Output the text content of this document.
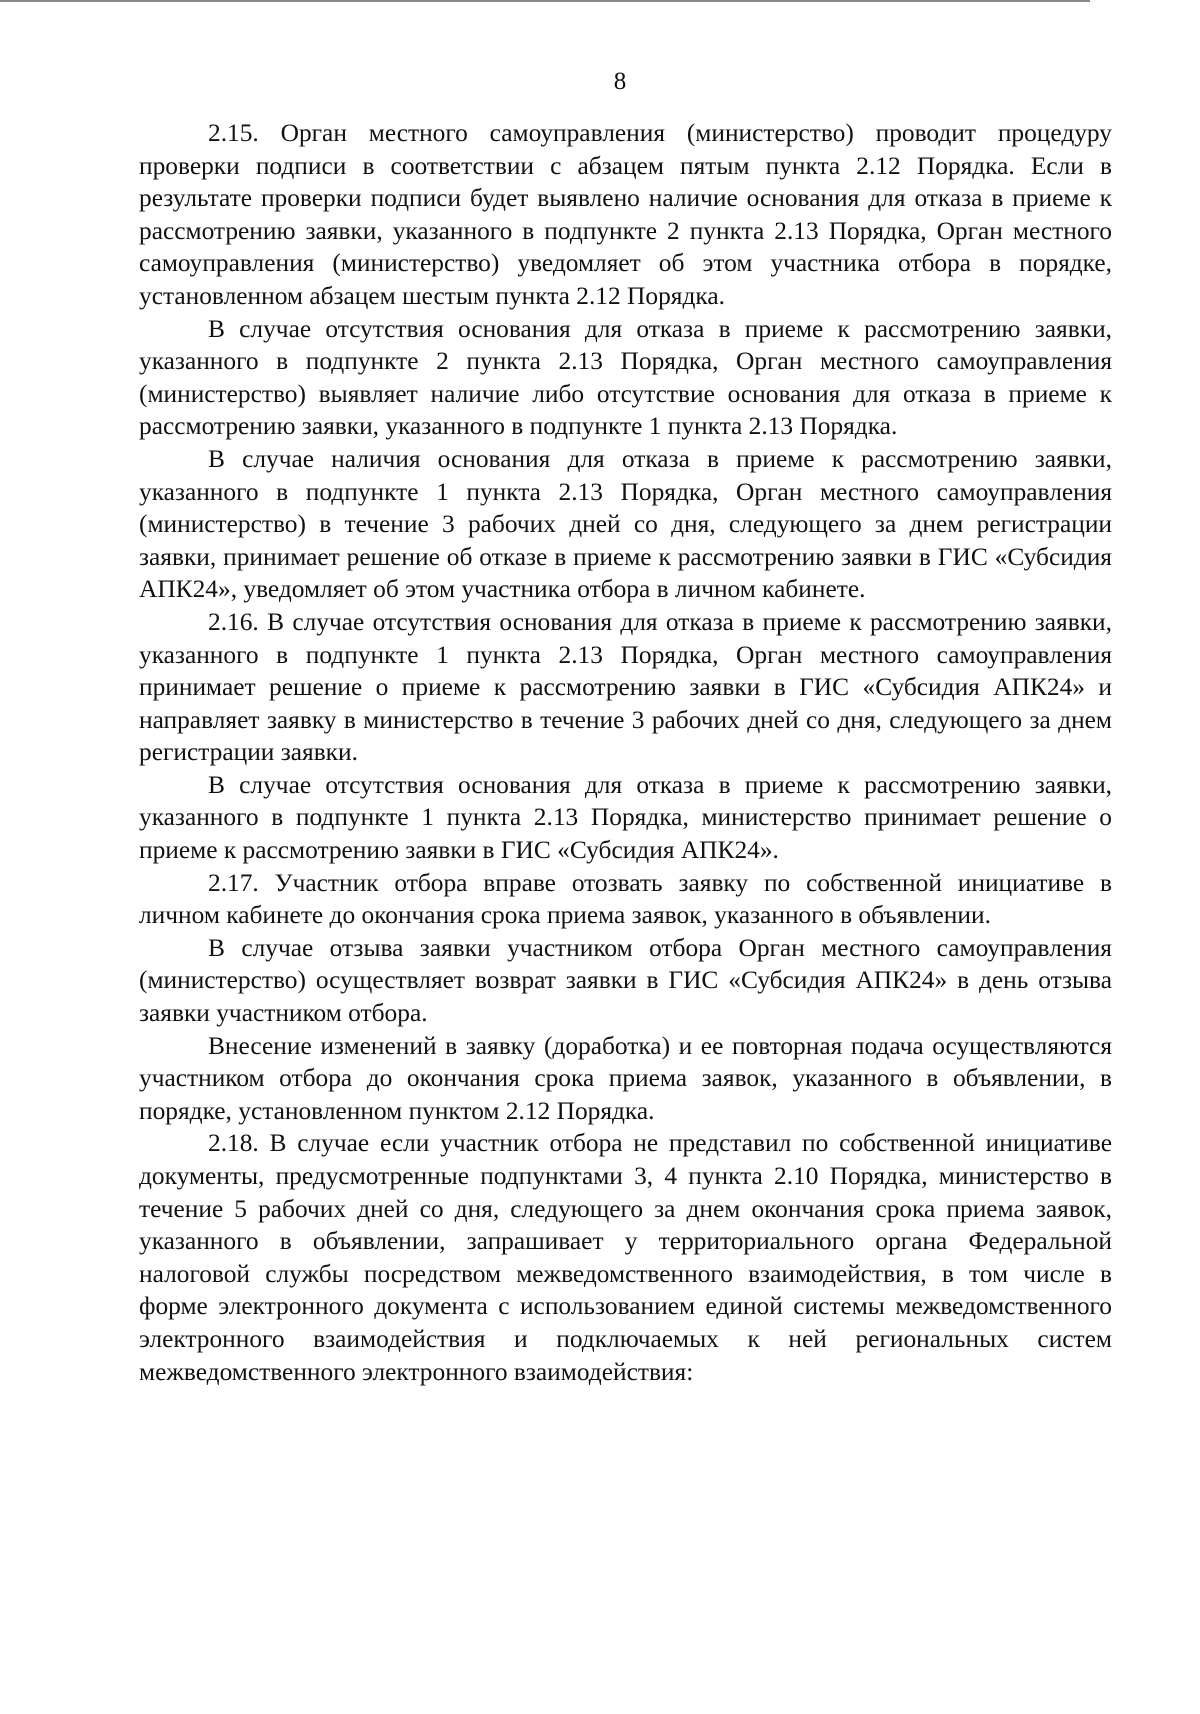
8

2.15. Орган местного самоуправления (министерство) проводит процедуру проверки подписи в соответствии с абзацем пятым пункта 2.12 Порядка. Если в результате проверки подписи будет выявлено наличие основания для отказа в приеме к рассмотрению заявки, указанного в подпункте 2 пункта 2.13 Порядка, Орган местного самоуправления (министерство) уведомляет об этом участника отбора в порядке, установленном абзацем шестым пункта 2.12 Порядка.

В случае отсутствия основания для отказа в приеме к рассмотрению заявки, указанного в подпункте 2 пункта 2.13 Порядка, Орган местного самоуправления (министерство) выявляет наличие либо отсутствие основания для отказа в приеме к рассмотрению заявки, указанного в подпункте 1 пункта 2.13 Порядка.

В случае наличия основания для отказа в приеме к рассмотрению заявки, указанного в подпункте 1 пункта 2.13 Порядка, Орган местного самоуправления (министерство) в течение 3 рабочих дней со дня, следующего за днем регистрации заявки, принимает решение об отказе в приеме к рассмотрению заявки в ГИС «Субсидия АПК24», уведомляет об этом участника отбора в личном кабинете.

2.16. В случае отсутствия основания для отказа в приеме к рассмотрению заявки, указанного в подпункте 1 пункта 2.13 Порядка, Орган местного самоуправления принимает решение о приеме к рассмотрению заявки в ГИС «Субсидия АПК24» и направляет заявку в министерство в течение 3 рабочих дней со дня, следующего за днем регистрации заявки.

В случае отсутствия основания для отказа в приеме к рассмотрению заявки, указанного в подпункте 1 пункта 2.13 Порядка, министерство принимает решение о приеме к рассмотрению заявки в ГИС «Субсидия АПК24».

2.17. Участник отбора вправе отозвать заявку по собственной инициативе в личном кабинете до окончания срока приема заявок, указанного в объявлении.

В случае отзыва заявки участником отбора Орган местного самоуправления (министерство) осуществляет возврат заявки в ГИС «Субсидия АПК24» в день отзыва заявки участником отбора.

Внесение изменений в заявку (доработка) и ее повторная подача осуществляются участником отбора до окончания срока приема заявок, указанного в объявлении, в порядке, установленном пунктом 2.12 Порядка.

2.18. В случае если участник отбора не представил по собственной инициативе документы, предусмотренные подпунктами 3, 4 пункта 2.10 Порядка, министерство в течение 5 рабочих дней со дня, следующего за днем окончания срока приема заявок, указанного в объявлении, запрашивает у территориального органа Федеральной налоговой службы посредством межведомственного взаимодействия, в том числе в форме электронного документа с использованием единой системы межведомственного электронного взаимодействия и подключаемых к ней региональных систем межведомственного электронного взаимодействия:
